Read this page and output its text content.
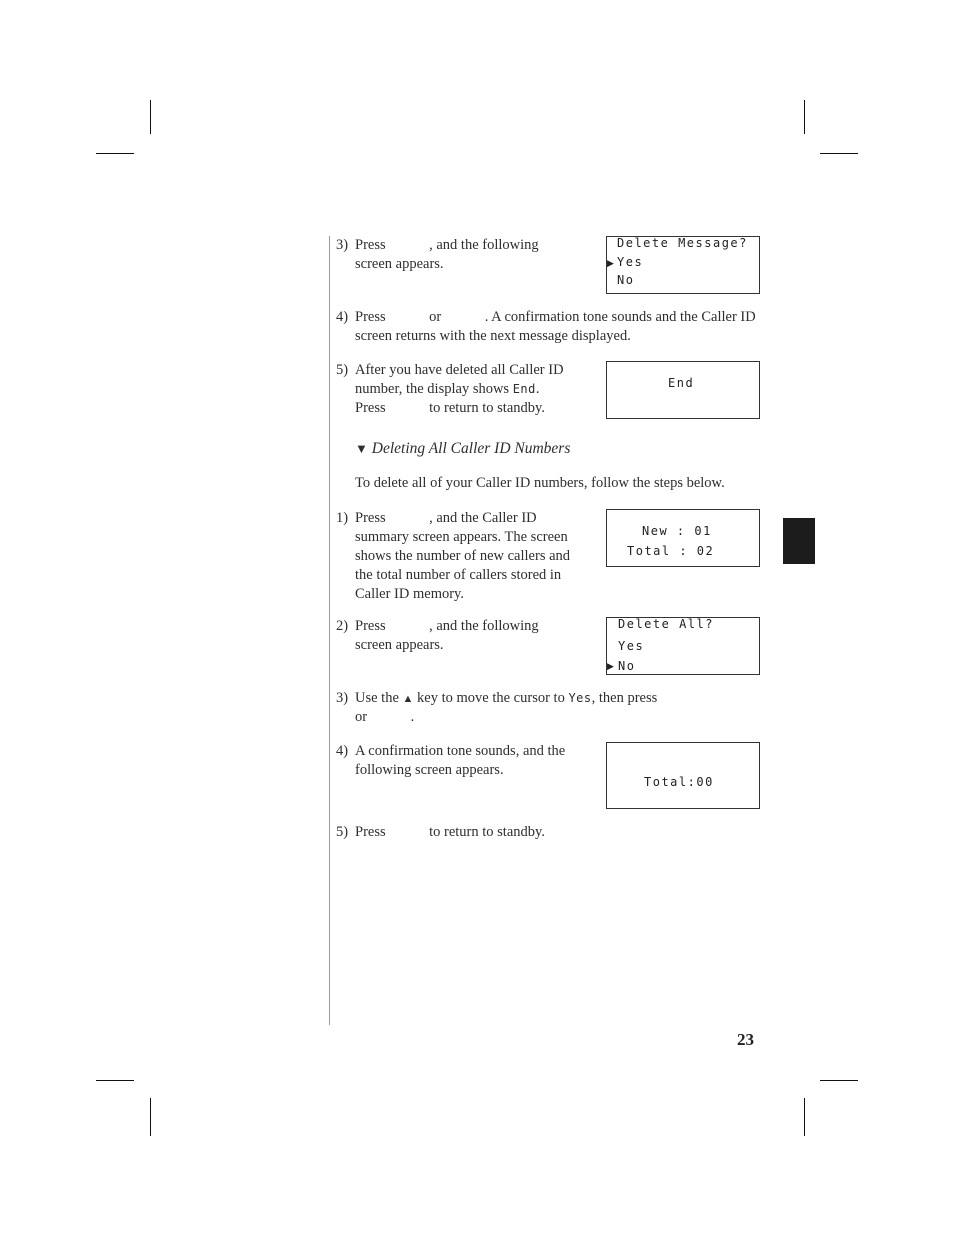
3) Press            , and the following
screen appears.
Delete Message?
▶ Yes
No
4) Press            or            . A confirmation tone sounds and the Caller ID
screen returns with the next message displayed.
5) After you have deleted all Caller ID
number, the display shows End.
Press            to return to standby.
End
▼ Deleting All Caller ID Numbers
To delete all of your Caller ID numbers, follow the steps below.
1) Press            , and the Caller ID
summary screen appears. The screen
shows the number of new callers and
the total number of callers stored in
Caller ID memory.
New : 01
Total : 02
2) Press            , and the following
screen appears.
Delete All?
Yes
▶ No
3) Use the ▲ key to move the cursor to Yes, then press
or            .
4) A confirmation tone sounds, and the
following screen appears.
Total:00
5) Press            to return to standby.
23
